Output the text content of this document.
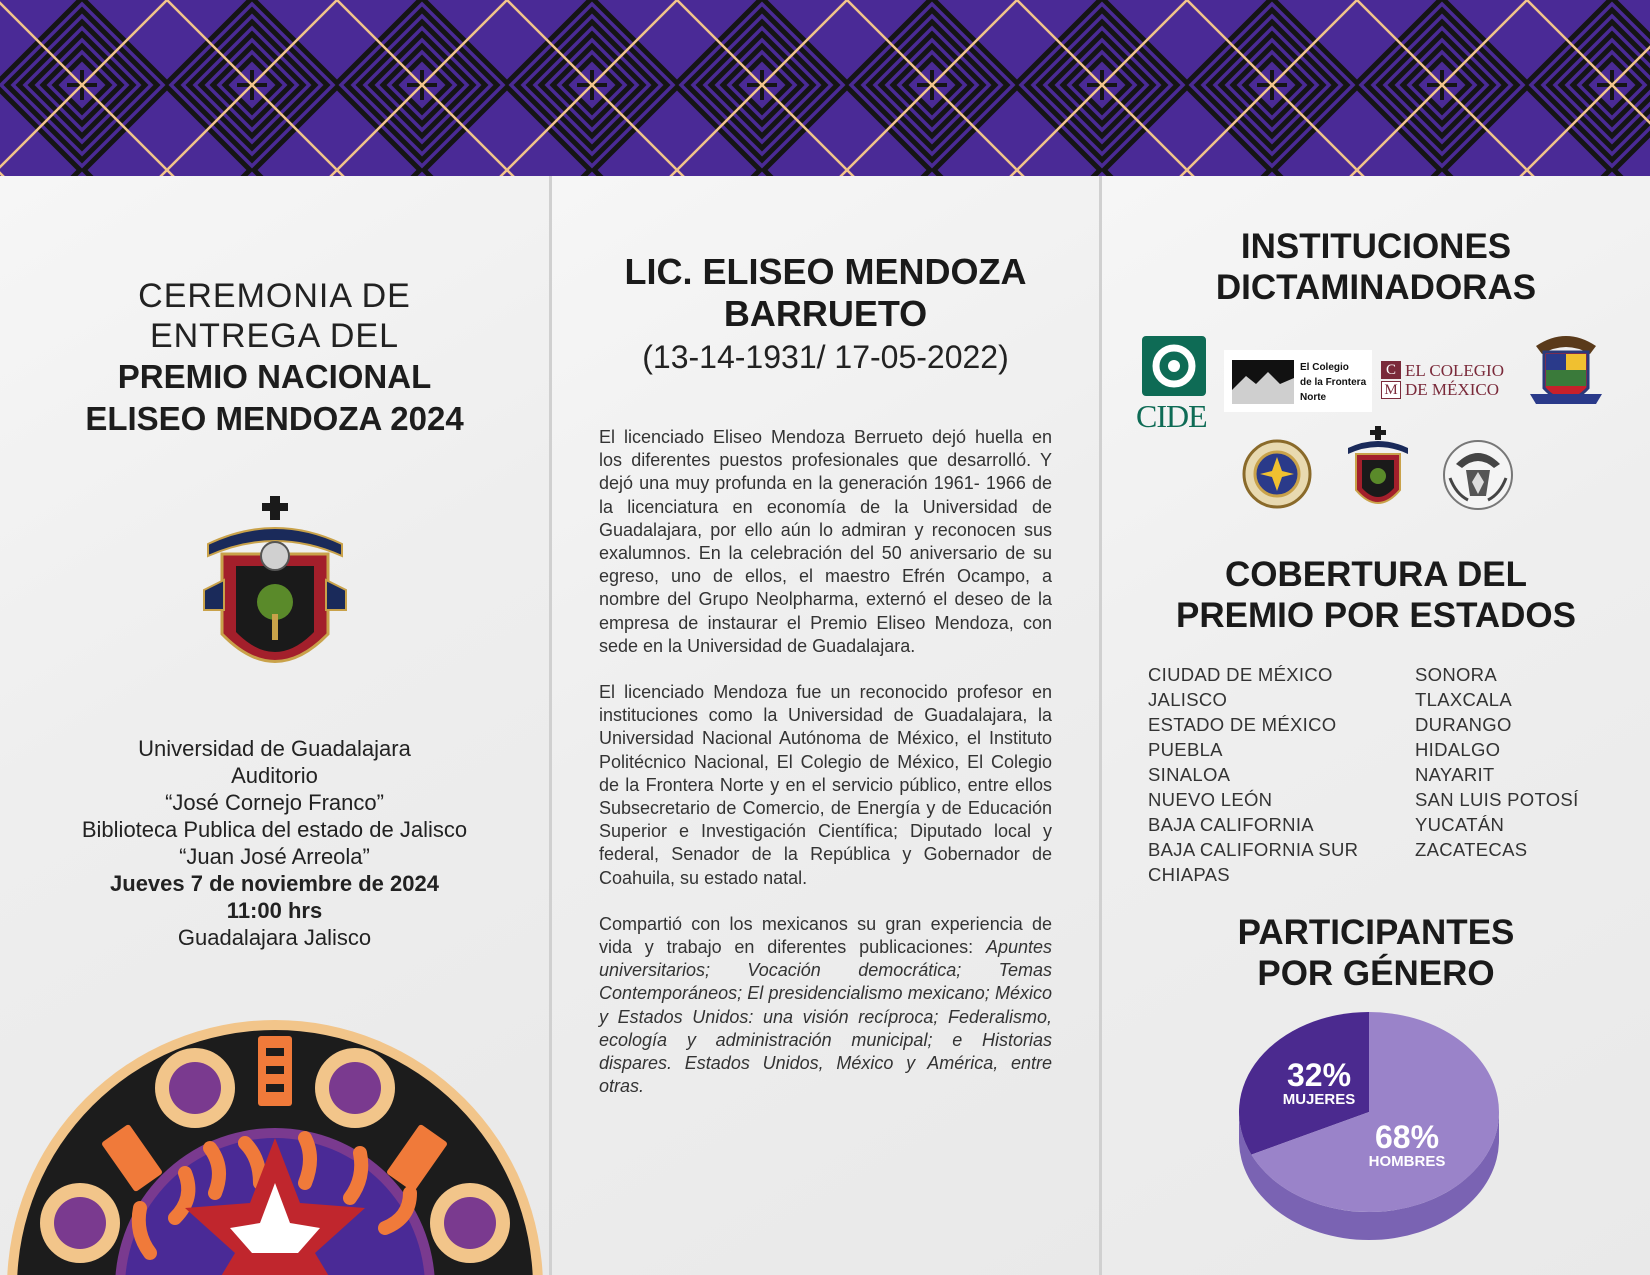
CEREMONIA DE
ENTREGA DEL
PREMIO NACIONAL
ELISEO MENDOZA 2024
Universidad de Guadalajara
Auditorio
“José Cornejo Franco”
Biblioteca Publica del estado de Jalisco
“Juan José Arreola”
Jueves 7 de noviembre de 2024
11:00 hrs
Guadalajara Jalisco
LIC. ELISEO MENDOZA
BARRUETO
(13-14-1931/ 17-05-2022)

El licenciado Eliseo Mendoza Berrueto dejó huella en los diferentes puestos profesionales que desarrolló. Y dejó una muy profunda en la generación 1961- 1966 de la licenciatura en economía de la Universidad de Guadalajara, por ello aún lo admiran y reconocen sus exalumnos. En la celebración del 50 aniversario de su egreso, uno de ellos, el maestro Efrén Ocampo, a nombre del Grupo Neolpharma, externó el deseo de la empresa de instaurar el Premio Eliseo Mendoza, con sede en la Universidad de Guadalajara.

El licenciado Mendoza fue un reconocido profesor en instituciones como la Universidad de Guadalajara, la Universidad Nacional Autónoma de México, el Instituto Politécnico Nacional, El Colegio de México, El Colegio de la Frontera Norte y en el servicio público, entre ellos Subsecretario de Comercio, de Energía y de Educación Superior e Investigación Científica; Diputado local y federal, Senador de la República y Gobernador de Coahuila, su estado natal.

Compartió con los mexicanos su gran experiencia de vida y trabajo en diferentes publicaciones: Apuntes universitarios; Vocación democrática; Temas Contemporáneos; El presidencialismo mexicano; México y Estados Unidos: una visión recíproca; Federalismo, ecología y administración municipal; e Historias dispares. Estados Unidos, México y América, entre otras.

INSTITUCIONES
DICTAMINADORAS
CIDE
El Colegio
de la Frontera
Norte
C
M
EL COLEGIO
DE MÉXICO
COBERTURA DEL
PREMIO POR ESTADOS
CIUDAD DE MÉXICO
JALISCO
ESTADO DE MÉXICO
PUEBLA
SINALOA
NUEVO LEÓN
BAJA CALIFORNIA
BAJA CALIFORNIA SUR
CHIAPAS
SONORA
TLAXCALA
DURANGO
HIDALGO
NAYARIT
SAN LUIS POTOSÍ
YUCATÁN
ZACATECAS
PARTICIPANTES
POR GÉNERO
32%
MUJERES
68%
HOMBRES
